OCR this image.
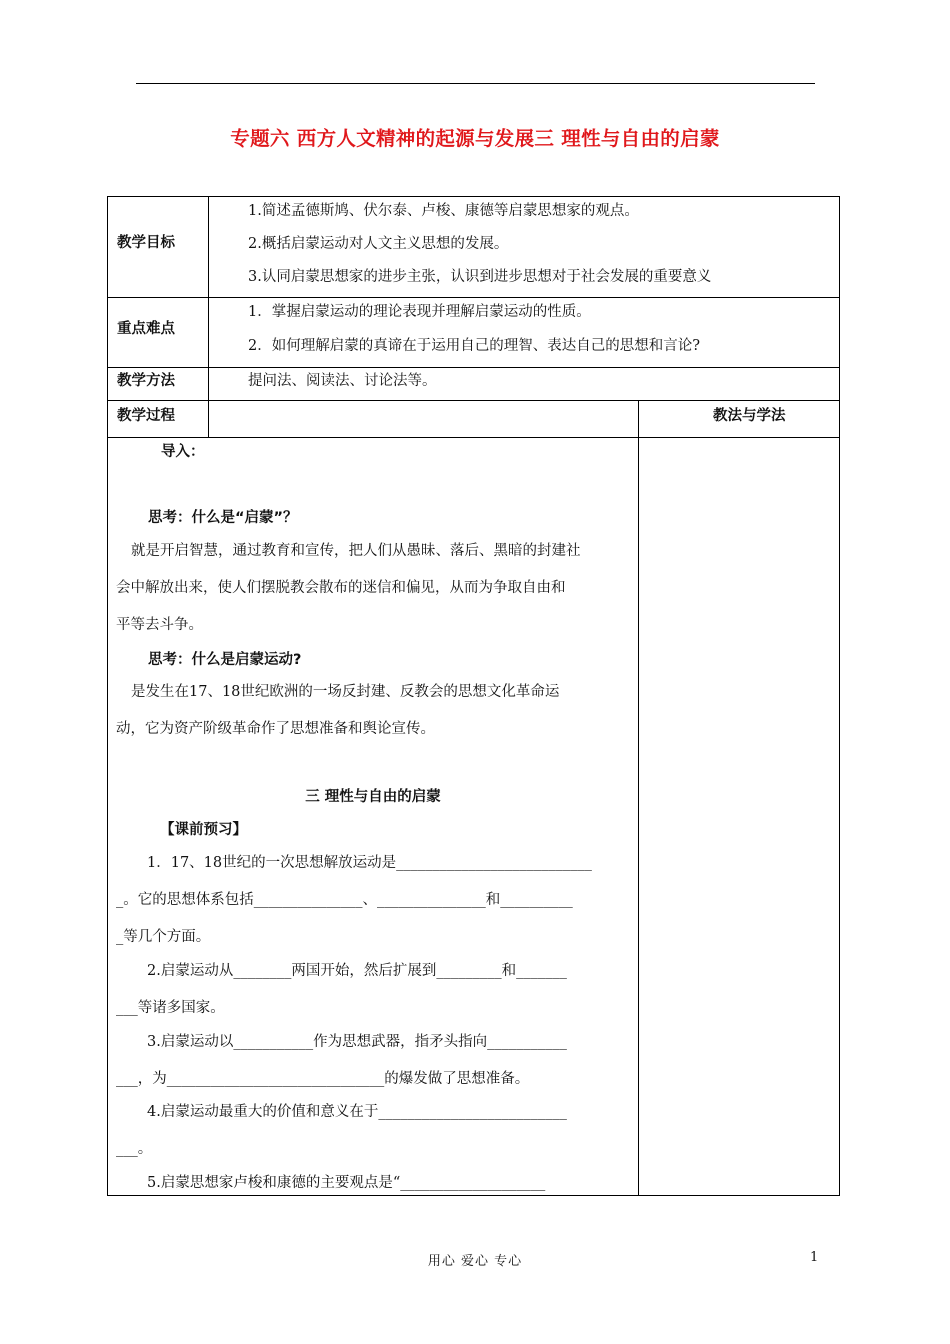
专题六 西方人文精神的起源与发展三 理性与自由的启蒙
教学目标
重点难点
教学方法
教学过程	教法与学法
1.简述孟德斯鸠、伏尔泰、卢梭、康德等启蒙思想家的观点。
2.概括启蒙运动对人文主义思想的发展。
3.认同启蒙思想家的进步主张，认识到进步思想对于社会发展的重要意义
1．掌握启蒙运动的理论表现并理解启蒙运动的性质。
2．如何理解启蒙的真谛在于运用自己的理智、表达自己的思想和言论?
提问法、阅读法、讨论法等。
导入：
思考：什么是“启蒙”？
就是开启智慧，通过教育和宣传，把人们从愚昧、落后、黑暗的封建社
会中解放出来，使人们摆脱教会散布的迷信和偏见，从而为争取自由和
平等去斗争。
思考：什么是启蒙运动?
是发生在17、18世纪欧洲的一场反封建、反教会的思想文化革命运
动，它为资产阶级革命作了思想准备和舆论宣传。
三 理性与自由的启蒙
【课前预习】
1．17、18世纪的一次思想解放运动是___________________________
_。它的思想体系包括_______________、_______________和__________
_等几个方面。
2.启蒙运动从________两国开始，然后扩展到_________和_______
___等诸多国家。
3.启蒙运动以___________作为思想武器，指矛头指向___________
___，为______________________________的爆发做了思想准备。
4.启蒙运动最重大的价值和意义在于__________________________
___。
5.启蒙思想家卢梭和康德的主要观点是“____________________
用心 爱心 专心	1
